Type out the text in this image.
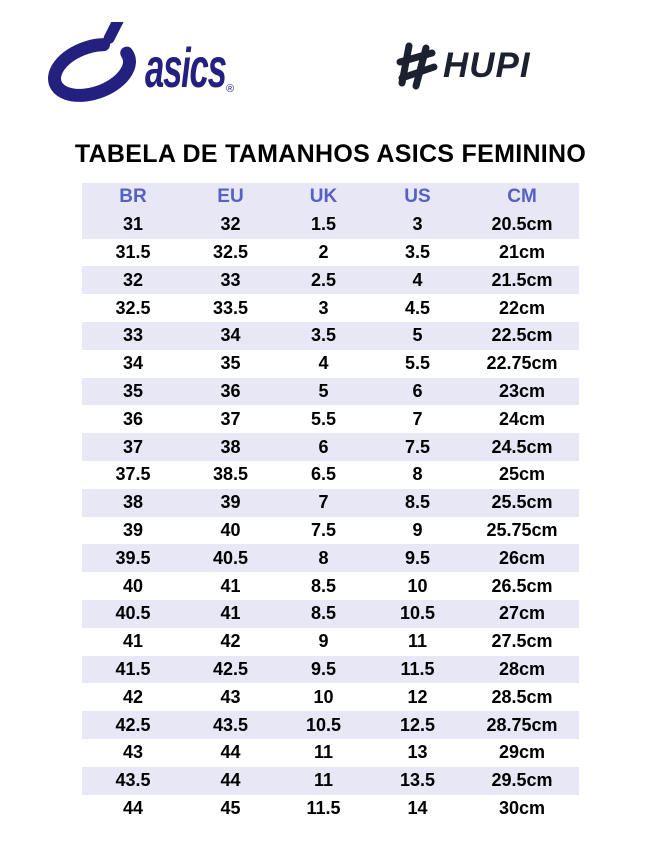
asics ®
HUPI
TABELA DE TAMANHOS ASICS FEMININO
BR	EU	UK	US	CM
31	32	1.5	3	20.5cm
31.5	32.5	2	3.5	21cm
32	33	2.5	4	21.5cm
32.5	33.5	3	4.5	22cm
33	34	3.5	5	22.5cm
34	35	4	5.5	22.75cm
35	36	5	6	23cm
36	37	5.5	7	24cm
37	38	6	7.5	24.5cm
37.5	38.5	6.5	8	25cm
38	39	7	8.5	25.5cm
39	40	7.5	9	25.75cm
39.5	40.5	8	9.5	26cm
40	41	8.5	10	26.5cm
40.5	41	8.5	10.5	27cm
41	42	9	11	27.5cm
41.5	42.5	9.5	11.5	28cm
42	43	10	12	28.5cm
42.5	43.5	10.5	12.5	28.75cm
43	44	11	13	29cm
43.5	44	11	13.5	29.5cm
44	45	11.5	14	30cm
